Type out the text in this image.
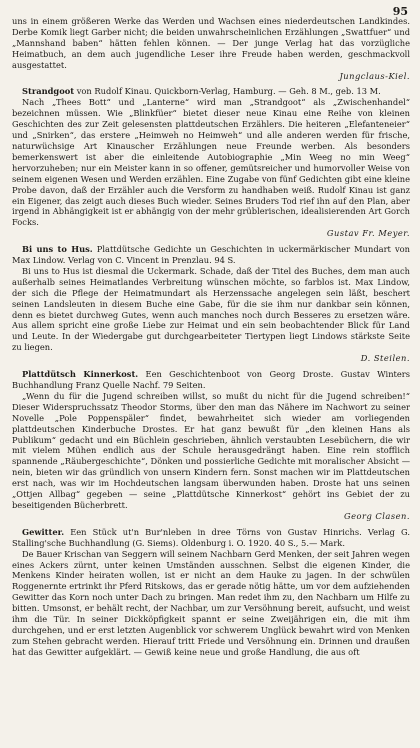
95

uns in einem größeren Werke das Werden und Wachsen eines niederdeutschen Landkindes. Derbe Komik liegt Garber nicht; die beiden unwahrscheinlichen Erzählungen „Swattfuer“ und „Mannshand baben“ hätten fehlen können. — Der junge Verlag hat das vorzügliche Heimatbuch, an dem auch jugendliche Leser ihre Freude haben werden, geschmackvoll ausgestattet.

Jungclaus-Kiel.

Strandgoot von Rudolf Kinau. Quickborn-Verlag, Hamburg. — Geh. 8 M., geb. 13 M.

Nach „Thees Bott“ und „Lanterne“ wird man „Strandgoot“ als „Zwischenhandel“ bezeichnen müssen. Wie „Blinkfüer“ bietet dieser neue Kinau eine Reihe von kleinen Geschichten des zur Zeit gelesensten plattdeutschen Erzählers. Die heiteren „Elefanteneier“ und „Snirken“, das erstere „Heimweh no Heimweh“ und alle anderen werden für frische, naturwüchsige Art Kinauscher Erzählungen neue Freunde werben. Als besonders bemerkenswert ist aber die einleitende Autobiographie „Min Weeg no min Weeg“ hervorzuheben; nur ein Meister kann in so offener, gemütsreicher und humorvoller Weise von seinem eigenen Wesen und Werden erzählen. Eine Zugabe von fünf Gedichten gibt eine kleine Probe davon, daß der Erzähler auch die Versform zu handhaben weiß. Rudolf Kinau ist ganz ein Eigener, das zeigt auch dieses Buch wieder. Seines Bruders Tod rief ihn auf den Plan, aber irgend in Abhängigkeit ist er abhängig von der mehr grüblerischen, idealisierenden Art Gorch Focks.

Gustav Fr. Meyer.

Bi uns to Hus. Plattdütsche Gedichte un Geschichten in uckermärkischer Mundart von Max Lindow. Verlag von C. Vincent in Prenzlau. 94 S.

Bi uns to Hus ist diesmal die Uckermark. Schade, daß der Titel des Buches, dem man auch außerhalb seines Heimatlandes Verbreitung wünschen möchte, so farblos ist. Max Lindow, der sich die Pflege der Heimatmundart als Herzenssache angelegen sein läßt, beschert seinen Landsleuten in diesem Buche eine Gabe, für die sie ihm nur dankbar sein können, denn es bietet durchweg Gutes, wenn auch manches noch durch Besseres zu ersetzen wäre. Aus allem spricht eine große Liebe zur Heimat und ein sein beobachtender Blick für Land und Leute. In der Wiedergabe gut durchgearbeiteter Tiertypen liegt Lindows stärkste Seite zu liegen.

D. Steilen.

Plattdütsch Kinnerkost. Een Geschichtenboot von Georg Droste. Gustav Winters Buchhandlung Franz Quelle Nachf. 79 Seiten.

„Wenn du für die Jugend schreiben willst, so mußt du nicht für die Jugend schreiben!“ Dieser Widerspruchssatz Theodor Storms, über den man das Nähere im Nachwort zu seiner Novelle „Pole Poppenspäler“ findet, bewahrheitet sich wieder am vorliegenden plattdeutschen Kinderbuche Drostes. Er hat ganz bewußt für „den kleinen Hans als Publikum“ gedacht und ein Büchlein geschrieben, ähnlich verstaubten Lesebüchern, die wir mit vielem Mühen endlich aus der Schule herausgedrängt haben. Eine rein stofflich spannende „Räubergeschichte“, Dönken und possierliche Gedichte mit moralischer Absicht — nein, bieten wir das gründlich von unsern Kindern fern. Sonst machen wir im Plattdeutschen erst nach, was wir im Hochdeutschen langsam überwunden haben. Droste hat uns seinen „Ottjen Allbag“ gegeben — seine „Plattdütsche Kinnerkost“ gehört ins Gebiet der zu beseitigenden Bücherbrett.

Georg Clasen.

Gewitter. Een Stück ut'n Bur'nleben in dree Törns von Gustav Hinrichs. Verlag G. Stalling'sche Buchhandlung (G. Siems). Oldenburg i. O. 1920. 40 S., 5.— Mark.

De Bauer Krischan van Seggern will seinem Nachbarn Gerd Menken, der seit Jahren wegen eines Ackers zürnt, unter keinen Umständen ausschnen. Selbst die eigenen Kinder, die Menkens Kinder heiraten wollen, ist er nicht an dem Hauke zu jagen. In der schwülen Roggenernte ertrinkt ihr Pferd Ritskows, das er gerade nötig hätte, um vor dem aufziehenden Gewitter das Korn noch unter Dach zu bringen. Man redet ihm zu, den Nachbarn um Hilfe zu bitten. Umsonst, er behält recht, der Nachbar, um zur Versöhnung bereit, aufsucht, und weist ihm die Tür. In seiner Dickköpfigkeit spannt er seine Zweijährigen ein, die mit ihm durchgehen, und er erst letzten Augenblick vor schwerem Unglück bewahrt wird von Menken zum Stehen gebracht werden. Hierauf tritt Friede und Versöhnung ein. Drinnen und draußen hat das Gewitter aufgeklärt. — Gewiß keine neue und große Handlung, die aus oft
